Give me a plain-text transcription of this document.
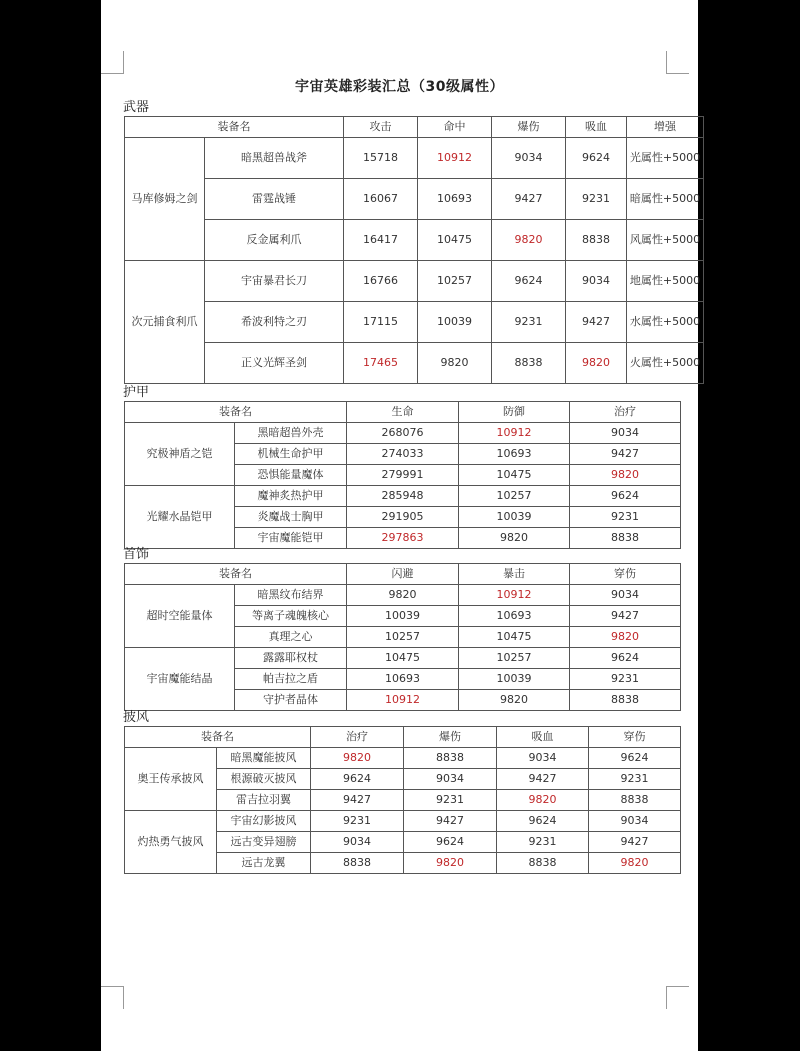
宇宙英雄彩装汇总（30级属性）
武器
装备名		攻击	命中	爆伤	吸血	增强
马库修姆之剑	暗黑超兽战斧	15718	10912	9034	9624	光属性+5000
	雷霆战锤	16067	10693	9427	9231	暗属性+5000
	反金属利爪	16417	10475	9820	8838	风属性+5000
次元捕食利爪	宇宙暴君长刀	16766	10257	9624	9034	地属性+5000
	希波利特之刃	17115	10039	9231	9427	水属性+5000
	正义光辉圣剑	17465	9820	8838	9820	火属性+5000
护甲
装备名		生命	防御	治疗
究极神盾之铠	黑暗超兽外壳	268076	10912	9034
	机械生命护甲	274033	10693	9427
	恐惧能量魔体	279991	10475	9820
光耀水晶铠甲	魔神炙热护甲	285948	10257	9624
	炎魔战士胸甲	291905	10039	9231
	宇宙魔能铠甲	297863	9820	8838
首饰
装备名		闪避	暴击	穿伤
超时空能量体	暗黑纹布结界	9820	10912	9034
	等离子魂魄核心	10039	10693	9427
	真理之心	10257	10475	9820
宇宙魔能结晶	露露耶权杖	10475	10257	9624
	帕吉拉之盾	10693	10039	9231
	守护者晶体	10912	9820	8838
披风
装备名		治疗	爆伤	吸血	穿伤
奥王传承披风	暗黑魔能披风	9820	8838	9034	9624
	根源破灭披风	9624	9034	9427	9231
	雷吉拉羽翼	9427	9231	9820	8838
灼热勇气披风	宇宙幻影披风	9231	9427	9624	9034
	远古变异翅膀	9034	9624	9231	9427
	远古龙翼	8838	9820	8838	9820
